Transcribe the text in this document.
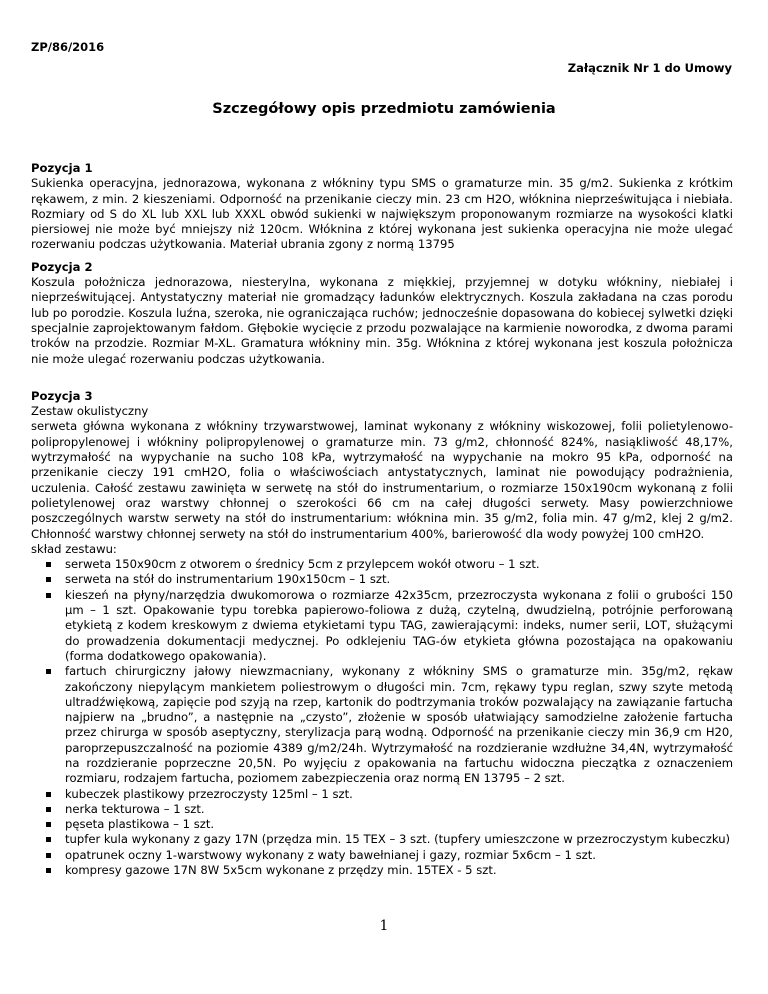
ZP/86/2016
Załącznik Nr 1 do Umowy
Szczegółowy opis przedmiotu zamówienia

Pozycja 1

Sukienka operacyjna, jednorazowa, wykonana z włókniny typu SMS o gramaturze min. 35 g/m2. Sukienka z krótkim rękawem, z min. 2 kieszeniami. Odporność na przenikanie cieczy min. 23 cm H2O, włóknina nieprześwitująca i niebiała. Rozmiary od S do XL lub XXL lub XXXL obwód sukienki w największym proponowanym rozmiarze na wysokości klatki piersiowej nie może być mniejszy niż 120cm. Włóknina z której wykonana jest sukienka operacyjna nie może ulegać rozerwaniu podczas użytkowania. Materiał ubrania zgony z normą 13795

Pozycja 2

Koszula położnicza jednorazowa, niesterylna, wykonana z miękkiej, przyjemnej w dotyku włókniny, niebiałej i nieprześwitującej. Antystatyczny materiał nie gromadzący ładunków elektrycznych. Koszula zakładana na czas porodu lub po porodzie. Koszula luźna, szeroka, nie ograniczająca ruchów; jednocześnie dopasowana do kobiecej sylwetki dzięki specjalnie zaprojektowanym fałdom. Głębokie wycięcie z przodu pozwalające na karmienie noworodka, z dwoma parami troków na przodzie. Rozmiar M-XL. Gramatura włókniny min. 35g. Włóknina z której wykonana jest koszula położnicza nie może ulegać rozerwaniu podczas użytkowania.

Pozycja 3

Zestaw okulistyczny

serweta główna wykonana z włókniny trzywarstwowej, laminat wykonany z włókniny wiskozowej, folii polietylenowo-polipropylenowej i włókniny polipropylenowej o gramaturze min. 73 g/m2, chłonność 824%, nasiąkliwość 48,17%, wytrzymałość na wypychanie na sucho 108 kPa, wytrzymałość na wypychanie na mokro 95 kPa, odporność na przenikanie cieczy 191 cmH2O, folia o właściwościach antystatycznych, laminat nie powodujący podrażnienia, uczulenia. Całość zestawu zawinięta w serwetę na stół do instrumentarium, o rozmiarze 150x190cm wykonaną z folii polietylenowej oraz warstwy chłonnej o szerokości 66 cm na całej długości serwety. Masy powierzchniowe poszczególnych warstw serwety na stół do instrumentarium: włóknina min. 35 g/m2, folia min. 47 g/m2, klej 2 g/m2. Chłonność warstwy chłonnej serwety na stół do instrumentarium 400%, barierowość dla wody powyżej 100 cmH2O.

skład zestawu:

serweta 150x90cm z otworem o średnicy 5cm z przylepcem wokół otworu – 1 szt.
serweta na stół do instrumentarium 190x150cm – 1 szt.
kieszeń na płyny/narzędzia dwukomorowa o rozmiarze 42x35cm, przezroczysta wykonana z folii o grubości 150 µm – 1 szt. Opakowanie typu torebka papierowo-foliowa z dużą, czytelną, dwudzielną, potrójnie perforowaną etykietą z kodem kreskowym z dwiema etykietami typu TAG, zawierającymi: indeks, numer serii, LOT, służącymi do prowadzenia dokumentacji medycznej. Po odklejeniu TAG-ów etykieta główna pozostająca na opakowaniu (forma dodatkowego opakowania).
fartuch chirurgiczny jałowy niewzmacniany, wykonany z włókniny SMS o gramaturze min. 35g/m2, rękaw zakończony niepylącym mankietem poliestrowym o długości min. 7cm, rękawy typu reglan, szwy szyte metodą ultradźwiękową, zapięcie pod szyją na rzep, kartonik do podtrzymania troków pozwalający na zawiązanie fartucha najpierw na „brudno”, a następnie na „czysto”, złożenie w sposób ułatwiający samodzielne założenie fartucha przez chirurga w sposób aseptyczny, sterylizacja parą wodną. Odporność na przenikanie cieczy min 36,9 cm H20, paroprzepuszczalność na poziomie 4389 g/m2/24h. Wytrzymałość na rozdzieranie wzdłużne 34,4N, wytrzymałość na rozdzieranie poprzeczne 20,5N. Po wyjęciu z opakowania na fartuchu widoczna pieczątka z oznaczeniem rozmiaru, rodzajem fartucha, poziomem zabezpieczenia oraz normą EN 13795 – 2 szt.
kubeczek plastikowy przezroczysty 125ml – 1 szt.
nerka tekturowa – 1 szt.
pęseta plastikowa – 1 szt.
tupfer kula wykonany z gazy 17N (przędza min. 15 TEX – 3 szt. (tupfery umieszczone w przezroczystym kubeczku)
opatrunek oczny 1-warstwowy wykonany z waty bawełnianej i gazy, rozmiar 5x6cm – 1 szt.
kompresy gazowe 17N 8W 5x5cm wykonane z przędzy min. 15TEX - 5 szt.
1
